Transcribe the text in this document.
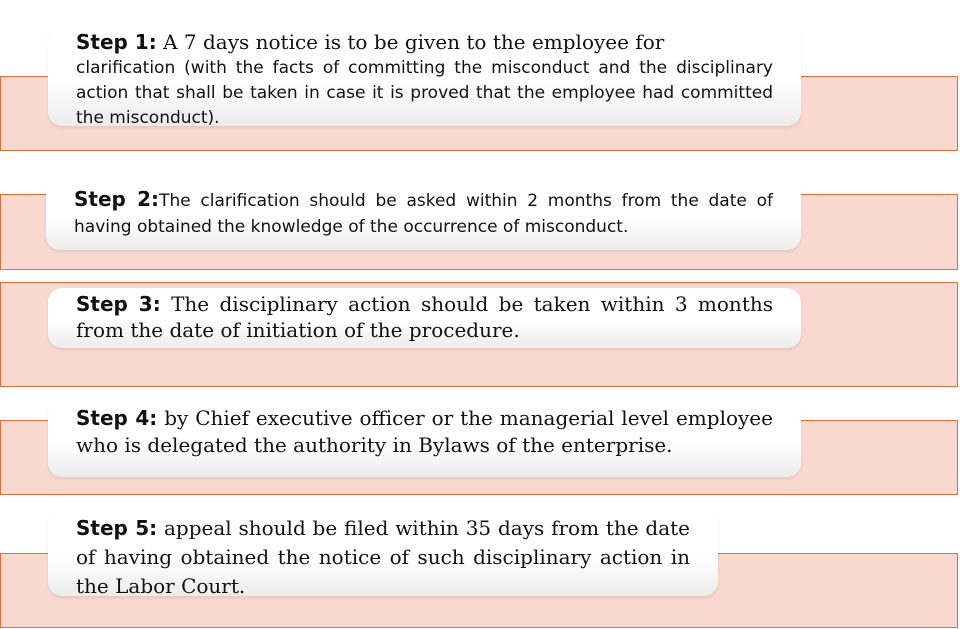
Step 1: A 7 days notice is to be given to the employee for

clarification (with the facts of committing the misconduct and the disciplinary action that shall be taken in case it is proved that the employee had committed the misconduct).

Step 2:The clarification should be asked within 2 months from the date of having obtained the knowledge of the occurrence of misconduct.

Step 3: The disciplinary action should be taken within 3 months from the date of initiation of the procedure.

Step 4: by Chief executive officer or the managerial level employee who is delegated the authority in Bylaws of the enterprise.

Step 5: appeal should be filed within 35 days from the date of having obtained the notice of such disciplinary action in the Labor Court.
